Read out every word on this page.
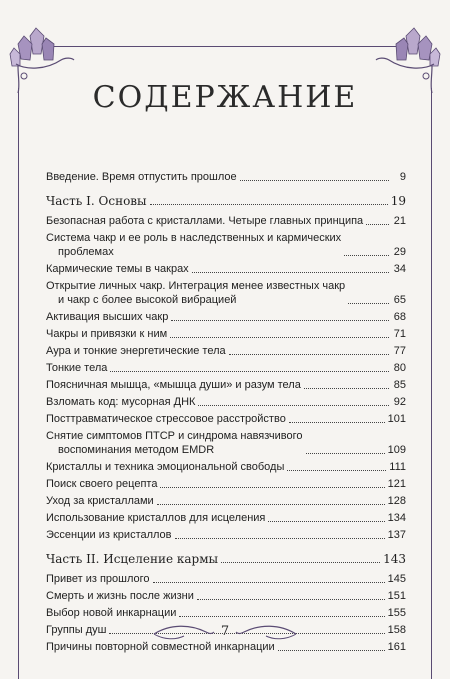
СОДЕРЖАНИЕ
Введение. Время отпустить прошлое	9
Часть I. Основы	19
Безопасная работа с кристаллами. Четыре главных принципа	21
Система чакр и ее роль в наследственных и кармических
проблемах	29
Кармические темы в чакрах	34
Открытие личных чакр. Интеграция менее известных чакр
и чакр с более высокой вибрацией	65
Активация высших чакр	68
Чакры и привязки к ним	71
Аура и тонкие энергетические тела	77
Тонкие тела	80
Поясничная мышца, «мышца души» и разум тела	85
Взломать код: мусорная ДНК	92
Посттравматическое стрессовое расстройство	101
Снятие симптомов ПТСР и синдрома навязчивого
воспоминания методом EMDR	109
Кристаллы и техника эмоциональной свободы	111
Поиск своего рецепта	121
Уход за кристаллами	128
Использование кристаллов для исцеления	134
Эссенции из кристаллов	137
Часть II. Исцеление кармы	143
Привет из прошлого	145
Смерть и жизнь после жизни	151
Выбор новой инкарнации	155
Группы душ	158
Причины повторной совместной инкарнации	161
7
